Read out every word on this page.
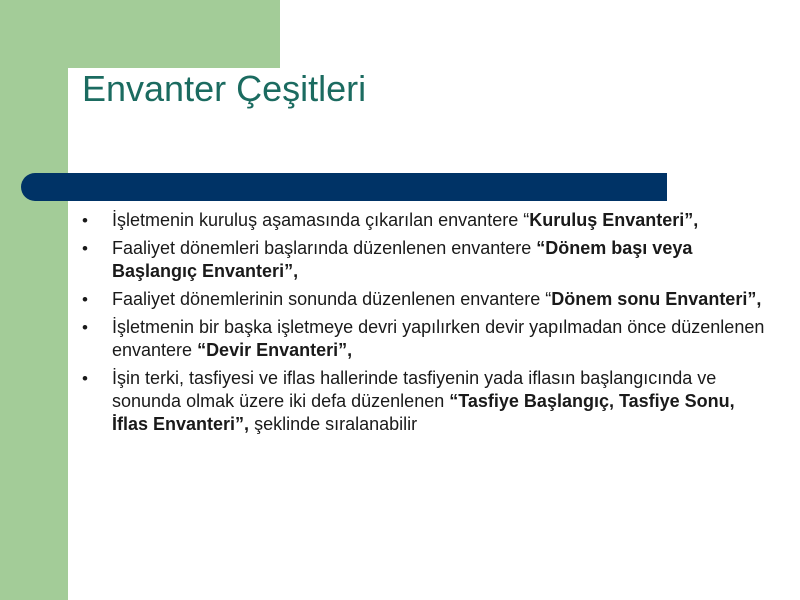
Envanter Çeşitleri
• İşletmenin kuruluş aşamasında çıkarılan envantere “Kuruluş Envanteri”,
• Faaliyet dönemleri başlarında düzenlenen envantere “Dönem başı veya Başlangıç Envanteri”,
• Faaliyet dönemlerinin sonunda düzenlenen envantere “Dönem sonu Envanteri”,
• İşletmenin bir başka işletmeye devri yapılırken devir yapılmadan önce düzenlenen envantere “Devir Envanteri”,
• İşin terki, tasfiyesi ve iflas hallerinde tasfiyenin yada iflasın başlangıcında ve sonunda olmak üzere iki defa düzenlenen “Tasfiye Başlangıç, Tasfiye Sonu, İflas Envanteri”, şeklinde sıralanabilir
